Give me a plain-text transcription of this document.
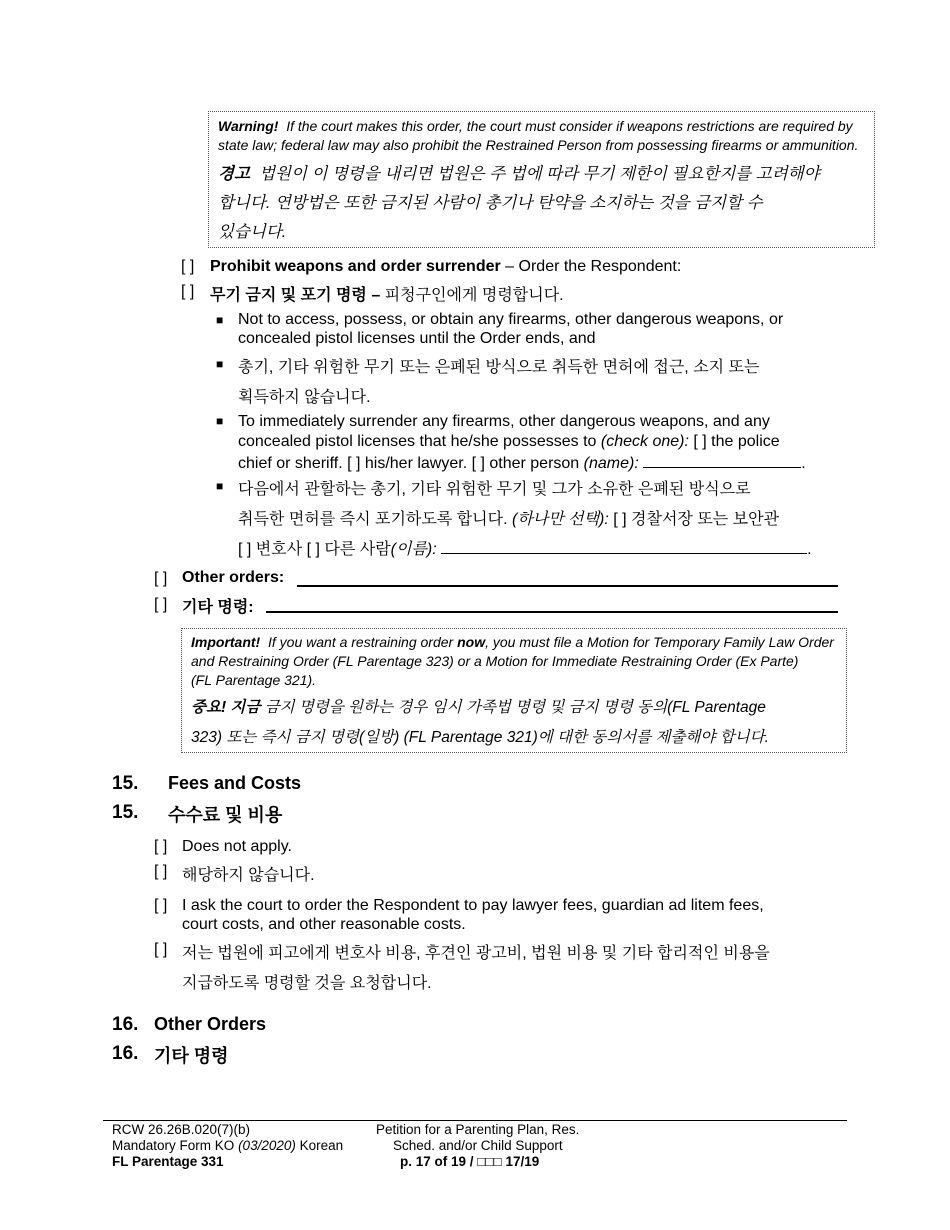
Warning! If the court makes this order, the court must consider if weapons restrictions are required by
state law; federal law may also prohibit the Restrained Person from possessing firearms or ammunition.
경고 법원이 이 명령을 내리면 법원은 주 법에 따라 무기 제한이 필요한지를 고려해야
합니다. 연방법은 또한 금지된 사람이 총기나 탄약을 소지하는 것을 금지할 수
있습니다.
[ ] Prohibit weapons and order surrender – Order the Respondent:
[ ] 무기 금지 및 포기 명령 – 피청구인에게 명령합니다.
■ Not to access, possess, or obtain any firearms, other dangerous weapons, or
concealed pistol licenses until the Order ends, and
■ 총기, 기타 위험한 무기 또는 은폐된 방식으로 취득한 면허에 접근, 소지 또는
획득하지 않습니다.
■ To immediately surrender any firearms, other dangerous weapons, and any
concealed pistol licenses that he/she possesses to (check one): [ ] the police
chief or sheriff. [ ] his/her lawyer. [ ] other person (name):	.
■ 다음에서 관할하는 총기, 기타 위험한 무기 및 그가 소유한 은폐된 방식으로
취득한 면허를 즉시 포기하도록 합니다. (하나만 선택): [ ] 경찰서장 또는 보안관
[ ] 변호사 [ ] 다른 사람(이름):	.
[ ] Other orders:
[ ] 기타 명령:
Important! If you want a restraining order now, you must file a Motion for Temporary Family Law Order
and Restraining Order (FL Parentage 323) or a Motion for Immediate Restraining Order (Ex Parte)
(FL Parentage 321).
중요! 지금 금지 명령을 원하는 경우 임시 가족법 명령 및 금지 명령 동의(FL Parentage
323) 또는 즉시 금지 명령(일방) (FL Parentage 321)에 대한 동의서를 제출해야 합니다.
15. Fees and Costs
15. 수수료 및 비용
[ ] Does not apply.
[ ] 해당하지 않습니다.
[ ] I ask the court to order the Respondent to pay lawyer fees, guardian ad litem fees,
court costs, and other reasonable costs.
[ ] 저는 법원에 피고에게 변호사 비용, 후견인 광고비, 법원 비용 및 기타 합리적인 비용을
지급하도록 명령할 것을 요청합니다.
16. Other Orders
16. 기타 명령
RCW 26.26B.020(7)(b)
Mandatory Form KO (03/2020) Korean
FL Parentage 331
Petition for a Parenting Plan, Res.
Sched. and/or Child Support
p. 17 of 19 / □□□ 17/19
